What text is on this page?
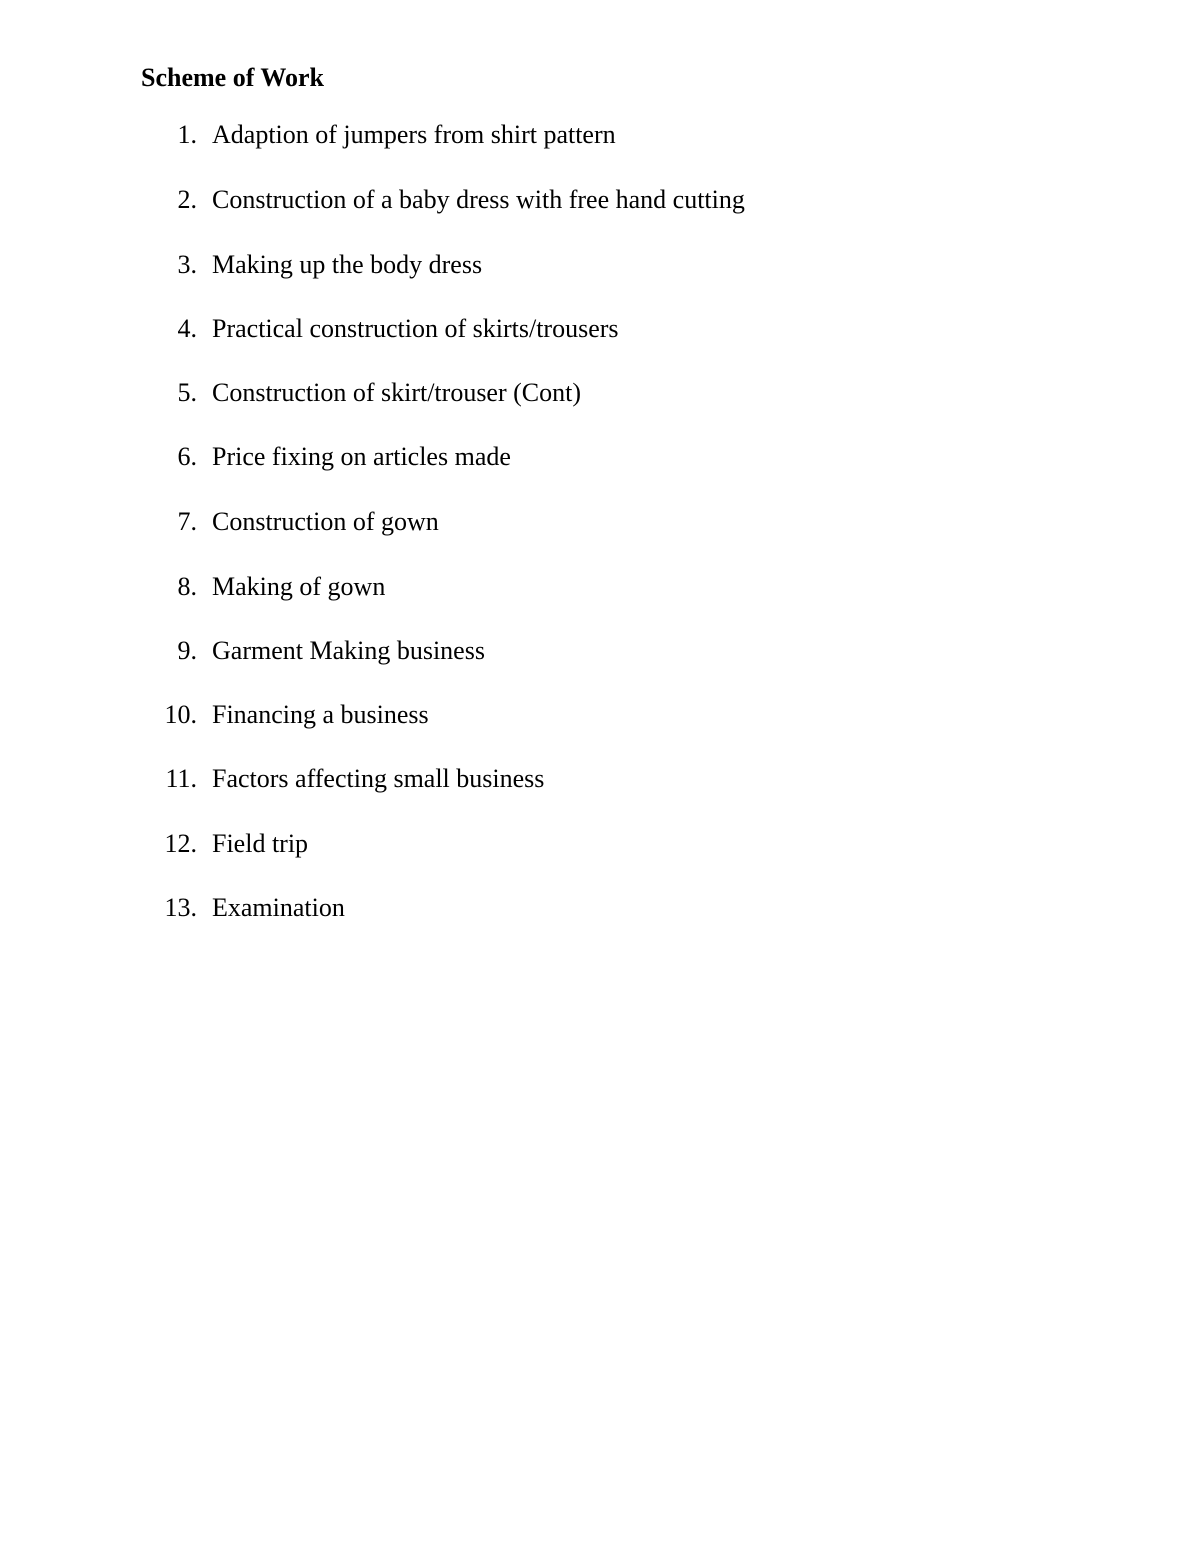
Scheme of Work
1. Adaption of jumpers from shirt pattern
2. Construction of a baby dress with free hand cutting
3. Making up the body dress
4. Practical construction of skirts/trousers
5. Construction of skirt/trouser (Cont)
6. Price fixing on articles made
7. Construction of gown
8. Making of gown
9. Garment Making business
10. Financing a business
11. Factors affecting small business
12. Field trip
13. Examination
